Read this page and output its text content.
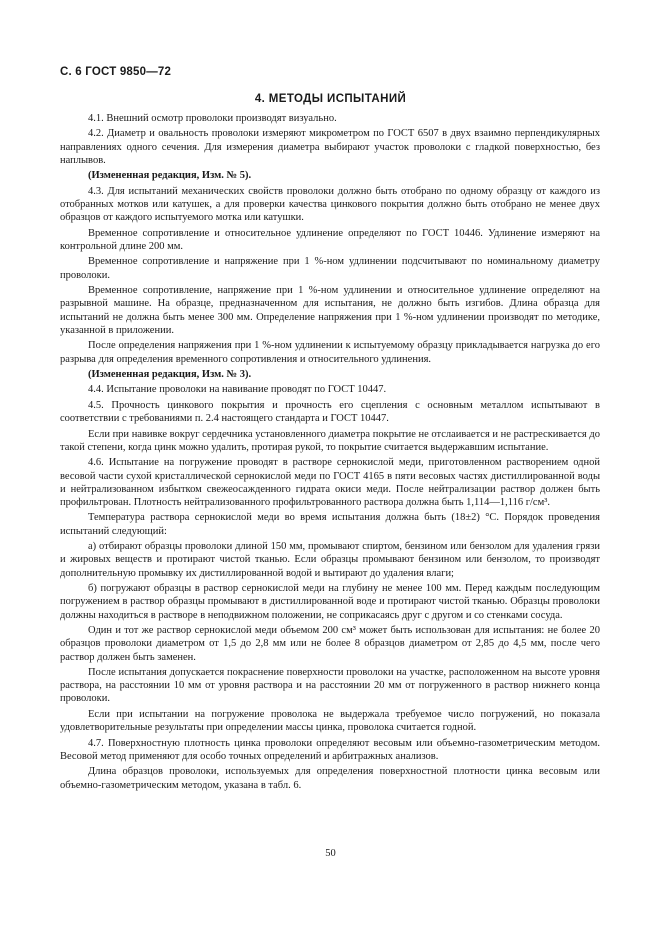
С. 6 ГОСТ 9850—72
4. МЕТОДЫ ИСПЫТАНИЙ

4.1. Внешний осмотр проволоки производят визуально.

4.2. Диаметр и овальность проволоки измеряют микрометром по ГОСТ 6507 в двух взаимно перпендикулярных направлениях одного сечения. Для измерения диаметра выбирают участок проволоки с гладкой поверхностью, без наплывов.

(Измененная редакция, Изм. № 5).

4.3. Для испытаний механических свойств проволоки должно быть отобрано по одному образцу от каждого из отобранных мотков или катушек, а для проверки качества цинкового покрытия должно быть отобрано не менее двух образцов от каждого испытуемого мотка или катушки.

Временное сопротивление и относительное удлинение определяют по ГОСТ 10446. Удлинение измеряют на контрольной длине 200 мм.

Временное сопротивление и напряжение при 1 %-ном удлинении подсчитывают по номинальному диаметру проволоки.

Временное сопротивление, напряжение при 1 %-ном удлинении и относительное удлинение определяют на разрывной машине. На образце, предназначенном для испытания, не должно быть изгибов. Длина образца для испытаний не должна быть менее 300 мм. Определение напряжения при 1 %-ном удлинении производят по методике, указанной в приложении.

После определения напряжения при 1 %-ном удлинении к испытуемому образцу прикладывается нагрузка до его разрыва для определения временного сопротивления и относительного удлинения.

(Измененная редакция, Изм. № 3).

4.4. Испытание проволоки на навивание проводят по ГОСТ 10447.

4.5. Прочность цинкового покрытия и прочность его сцепления с основным металлом испытывают в соответствии с требованиями п. 2.4 настоящего стандарта и ГОСТ 10447.

Если при навивке вокруг сердечника установленного диаметра покрытие не отслаивается и не растрескивается до такой степени, когда цинк можно удалить, протирая рукой, то покрытие считается выдержавшим испытание.

4.6. Испытание на погружение проводят в растворе сернокислой меди, приготовленном растворением одной весовой части сухой кристаллической сернокислой меди по ГОСТ 4165 в пяти весовых частях дистиллированной воды и нейтрализованном избытком свежеосажденного гидрата окиси меди. После нейтрализации раствор должен быть профильтрован. Плотность нейтрализованного профильтрованного раствора должна быть 1,114—1,116 г/см³.

Температура раствора сернокислой меди во время испытания должна быть (18±2) °С. Порядок проведения испытаний следующий:

а) отбирают образцы проволоки длиной 150 мм, промывают спиртом, бензином или бензолом для удаления грязи и жировых веществ и протирают чистой тканью. Если образцы промывают бензином или бензолом, то производят дополнительную промывку их дистиллированной водой и вытирают до удаления влаги;

б) погружают образцы в раствор сернокислой меди на глубину не менее 100 мм. Перед каждым последующим погружением в раствор образцы промывают в дистиллированной воде и протирают чистой тканью. Образцы проволоки должны находиться в растворе в неподвижном положении, не соприкасаясь друг с другом и со стенками сосуда.

Один и тот же раствор сернокислой меди объемом 200 см³ может быть использован для испытания: не более 20 образцов проволоки диаметром от 1,5 до 2,8 мм или не более 8 образцов диаметром от 2,85 до 4,5 мм, после чего раствор должен быть заменен.

После испытания допускается покраснение поверхности проволоки на участке, расположенном на высоте уровня раствора, на расстоянии 10 мм от уровня раствора и на расстоянии 20 мм от погруженного в раствор нижнего конца проволоки.

Если при испытании на погружение проволока не выдержала требуемое число погружений, но показала удовлетворительные результаты при определении массы цинка, проволока считается годной.

4.7. Поверхностную плотность цинка проволоки определяют весовым или объемно-газометрическим методом. Весовой метод применяют для особо точных определений и арбитражных анализов.

Длина образцов проволоки, используемых для определения поверхностной плотности цинка весовым или объемно-газометрическим методом, указана в табл. 6.

50
